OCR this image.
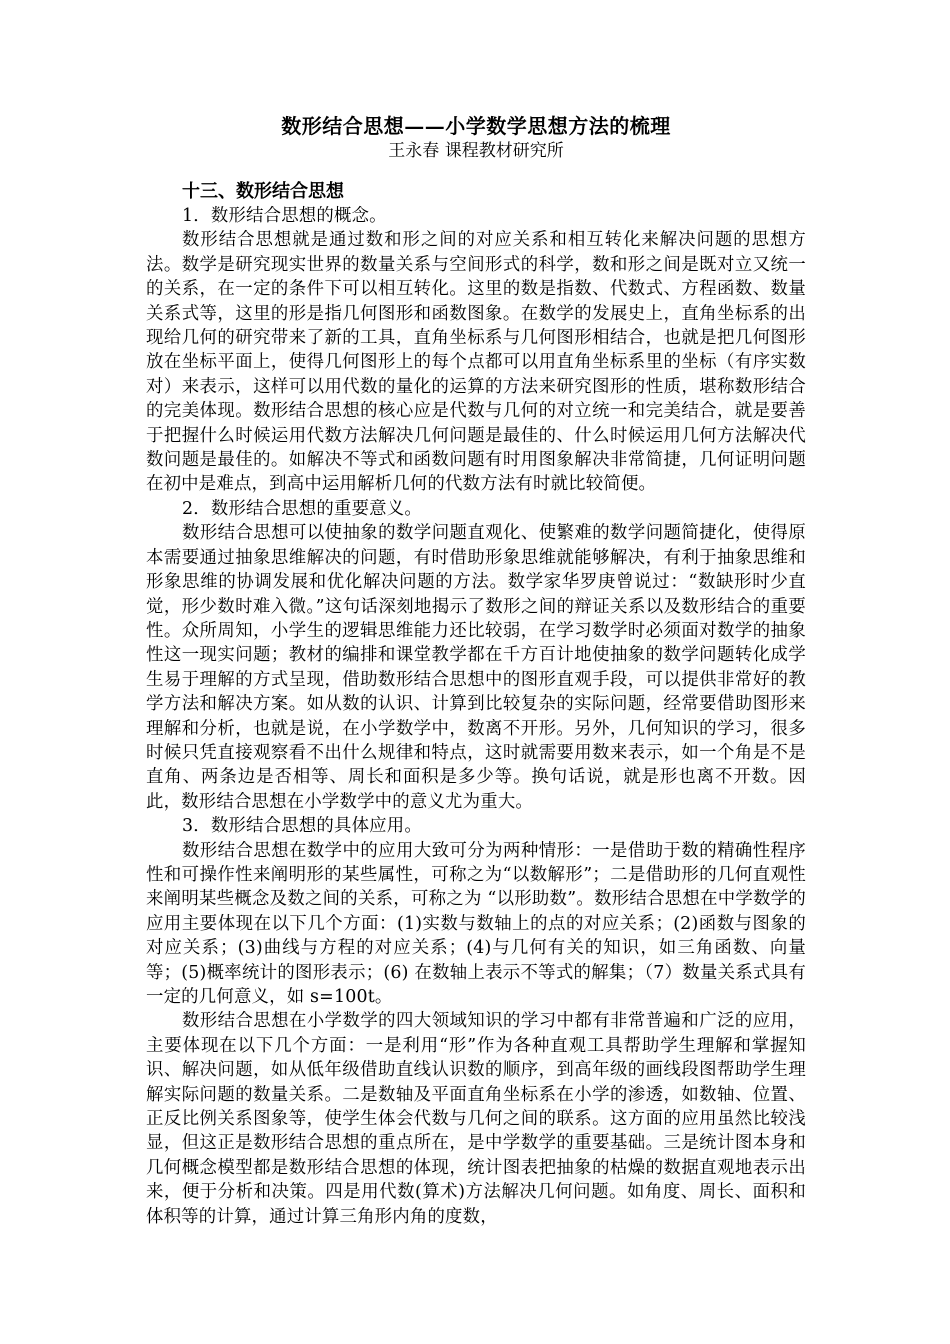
数形结合思想——小学数学思想方法的梳理

王永春 课程教材研究所

十三、数形结合思想

1．数形结合思想的概念。

数形结合思想就是通过数和形之间的对应关系和相互转化来解决问题的思想方法。数学是研究现实世界的数量关系与空间形式的科学，数和形之间是既对立又统一的关系，在一定的条件下可以相互转化。这里的数是指数、代数式、方程函数、数量关系式等，这里的形是指几何图形和函数图象。在数学的发展史上，直角坐标系的出现给几何的研究带来了新的工具，直角坐标系与几何图形相结合，也就是把几何图形放在坐标平面上，使得几何图形上的每个点都可以用直角坐标系里的坐标（有序实数对）来表示，这样可以用代数的量化的运算的方法来研究图形的性质，堪称数形结合的完美体现。数形结合思想的核心应是代数与几何的对立统一和完美结合，就是要善于把握什么时候运用代数方法解决几何问题是最佳的、什么时候运用几何方法解决代数问题是最佳的。如解决不等式和函数问题有时用图象解决非常简捷，几何证明问题在初中是难点，到高中运用解析几何的代数方法有时就比较简便。

2．数形结合思想的重要意义。

数形结合思想可以使抽象的数学问题直观化、使繁难的数学问题简捷化，使得原本需要通过抽象思维解决的问题，有时借助形象思维就能够解决，有利于抽象思维和形象思维的协调发展和优化解决问题的方法。数学家华罗庚曾说过：“数缺形时少直觉，形少数时难入微。”这句话深刻地揭示了数形之间的辩证关系以及数形结合的重要性。众所周知，小学生的逻辑思维能力还比较弱，在学习数学时必须面对数学的抽象性这一现实问题；教材的编排和课堂教学都在千方百计地使抽象的数学问题转化成学生易于理解的方式呈现，借助数形结合思想中的图形直观手段，可以提供非常好的教学方法和解决方案。如从数的认识、计算到比较复杂的实际问题，经常要借助图形来理解和分析，也就是说，在小学数学中，数离不开形。另外，几何知识的学习，很多时候只凭直接观察看不出什么规律和特点，这时就需要用数来表示，如一个角是不是直角、两条边是否相等、周长和面积是多少等。换句话说，就是形也离不开数。因此，数形结合思想在小学数学中的意义尤为重大。

3．数形结合思想的具体应用。

数形结合思想在数学中的应用大致可分为两种情形：一是借助于数的精确性程序性和可操作性来阐明形的某些属性，可称之为“以数解形”；二是借助形的几何直观性来阐明某些概念及数之间的关系，可称之为 “以形助数”。数形结合思想在中学数学的应用主要体现在以下几个方面：(1)实数与数轴上的点的对应关系；(2)函数与图象的对应关系；(3)曲线与方程的对应关系；(4)与几何有关的知识，如三角函数、向量等；(5)概率统计的图形表示；(6) 在数轴上表示不等式的解集；（7）数量关系式具有一定的几何意义，如 s=100t。

数形结合思想在小学数学的四大领域知识的学习中都有非常普遍和广泛的应用，主要体现在以下几个方面：一是利用“形”作为各种直观工具帮助学生理解和掌握知识、解决问题，如从低年级借助直线认识数的顺序，到高年级的画线段图帮助学生理解实际问题的数量关系。二是数轴及平面直角坐标系在小学的渗透，如数轴、位置、正反比例关系图象等，使学生体会代数与几何之间的联系。这方面的应用虽然比较浅显，但这正是数形结合思想的重点所在，是中学数学的重要基础。三是统计图本身和几何概念模型都是数形结合思想的体现，统计图表把抽象的枯燥的数据直观地表示出来，便于分析和决策。四是用代数(算术)方法解决几何问题。如角度、周长、面积和体积等的计算，通过计算三角形内角的度数，
